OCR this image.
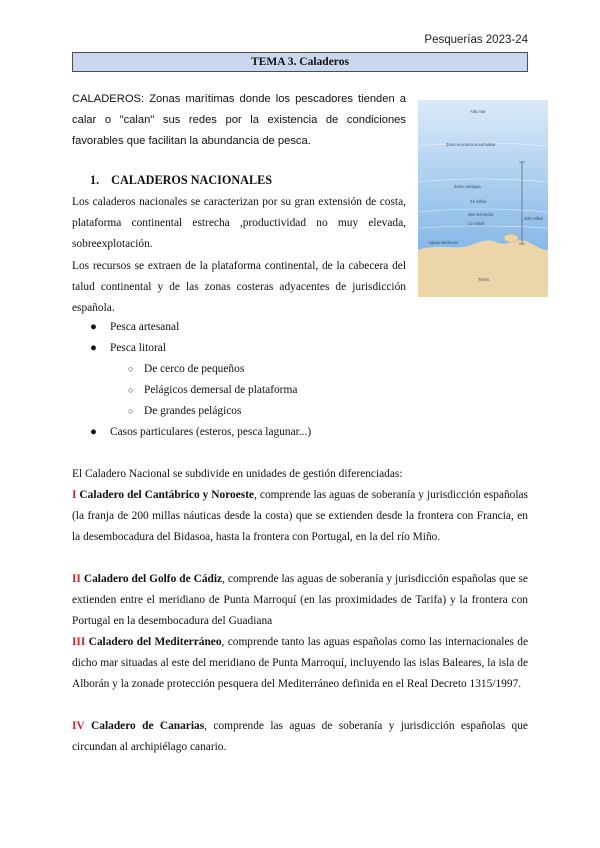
Pesquerías 2023-24
TEMA 3. Caladeros
CALADEROS: Zonas marítimas donde los pescadores tienden a calar o "calan" sus redes por la existencia de condiciones favorables que facilitan la abundancia de pesca.
Alta mar
Zona económica exclusiva
Zona contigua
Mar territorial
Aguas interiores
Tierra
200 millas
24 millas
12 millas
1. CALADEROS NACIONALES
Los caladeros nacionales se caracterizan por su gran extensión de costa, plataforma continental estrecha ,productividad no muy elevada, sobreexplotación.
Los recursos se extraen de la plataforma continental, de la cabecera del talud continental y de las zonas costeras adyacentes de jurisdicción española.
● Pesca artesanal
● Pesca litoral
○ De cerco de pequeños
○ Pelágicos demersal de plataforma
○ De grandes pelágicos
● Casos particulares (esteros, pesca lagunar...)
El Caladero Nacional se subdivide en unidades de gestión diferenciadas:
I Caladero del Cantábrico y Noroeste, comprende las aguas de soberanía y jurisdicción españolas (la franja de 200 millas náuticas desde la costa) que se extienden desde la frontera con Francia, en la desembocadura del Bidasoa, hasta la frontera con Portugal, en la del río Miño.
II Caladero del Golfo de Cádiz, comprende las aguas de soberanía y jurisdicción españolas que se extienden entre el meridiano de Punta Marroquí (en las proximidades de Tarifa) y la frontera con Portugal en la desembocadura del Guadiana
III Caladero del Mediterráneo, comprende tanto las aguas españolas como las internacionales de dicho mar situadas al este del meridiano de Punta Marroquí, incluyendo las islas Baleares, la isla de Alborán y la zonade protección pesquera del Mediterráneo definida en el Real Decreto 1315/1997.
IV Caladero de Canarias, comprende las aguas de soberanía y jurisdicción españolas que circundan al archipiélago canario.
